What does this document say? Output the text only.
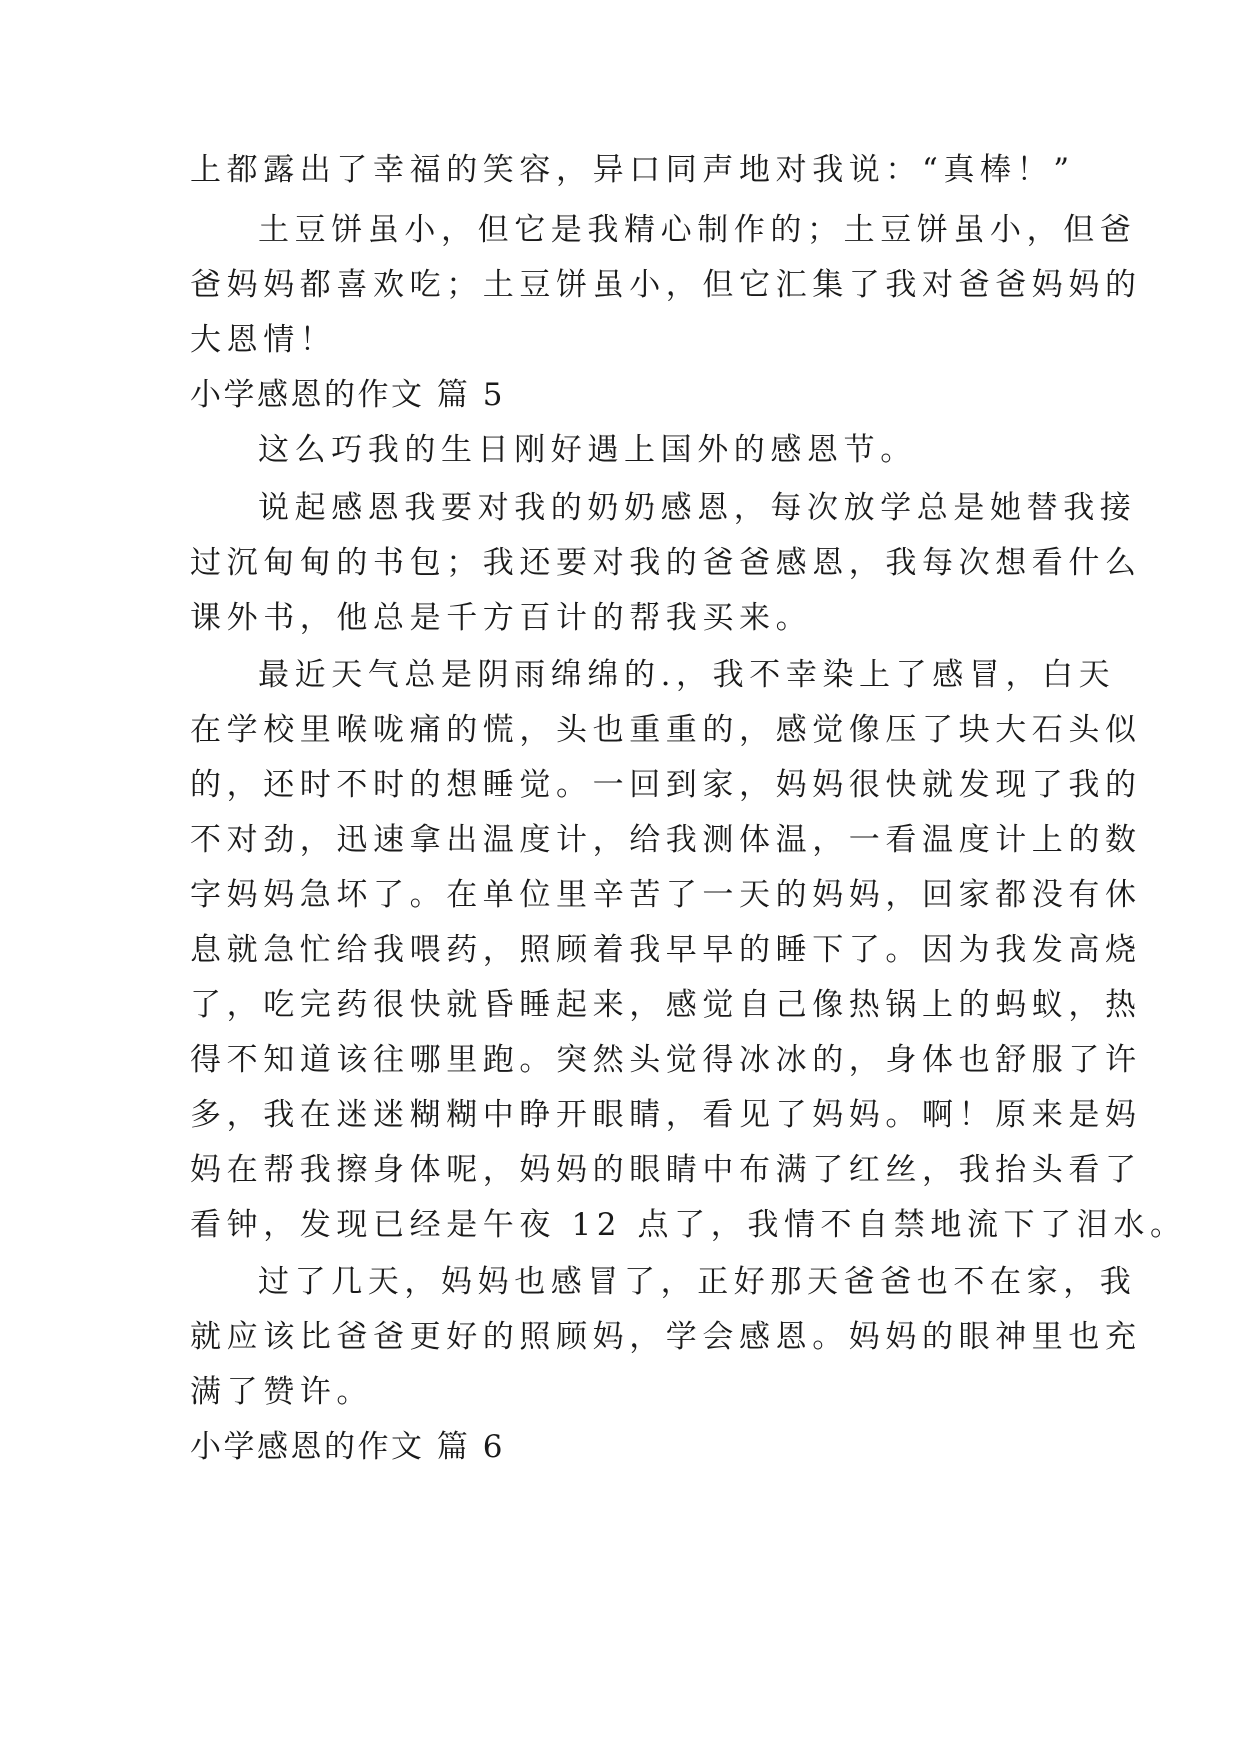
上都露出了幸福的笑容，异口同声地对我说：“真棒！”
土豆饼虽小，但它是我精心制作的；土豆饼虽小，但爸
爸妈妈都喜欢吃；土豆饼虽小，但它汇集了我对爸爸妈妈的
大恩情！
小学感恩的作文 篇 5
这么巧我的生日刚好遇上国外的感恩节。
说起感恩我要对我的奶奶感恩，每次放学总是她替我接
过沉甸甸的书包；我还要对我的爸爸感恩，我每次想看什么
课外书，他总是千方百计的帮我买来。
最近天气总是阴雨绵绵的.，我不幸染上了感冒，白天
在学校里喉咙痛的慌，头也重重的，感觉像压了块大石头似
的，还时不时的想睡觉。一回到家，妈妈很快就发现了我的
不对劲，迅速拿出温度计，给我测体温，一看温度计上的数
字妈妈急坏了。在单位里辛苦了一天的妈妈，回家都没有休
息就急忙给我喂药，照顾着我早早的睡下了。因为我发高烧
了，吃完药很快就昏睡起来，感觉自己像热锅上的蚂蚁，热
得不知道该往哪里跑。突然头觉得冰冰的，身体也舒服了许
多，我在迷迷糊糊中睁开眼睛，看见了妈妈。啊！原来是妈
妈在帮我擦身体呢，妈妈的眼睛中布满了红丝，我抬头看了
看钟，发现已经是午夜 12 点了，我情不自禁地流下了泪水。
过了几天，妈妈也感冒了，正好那天爸爸也不在家，我
就应该比爸爸更好的照顾妈，学会感恩。妈妈的眼神里也充
满了赞许。
小学感恩的作文 篇 6
